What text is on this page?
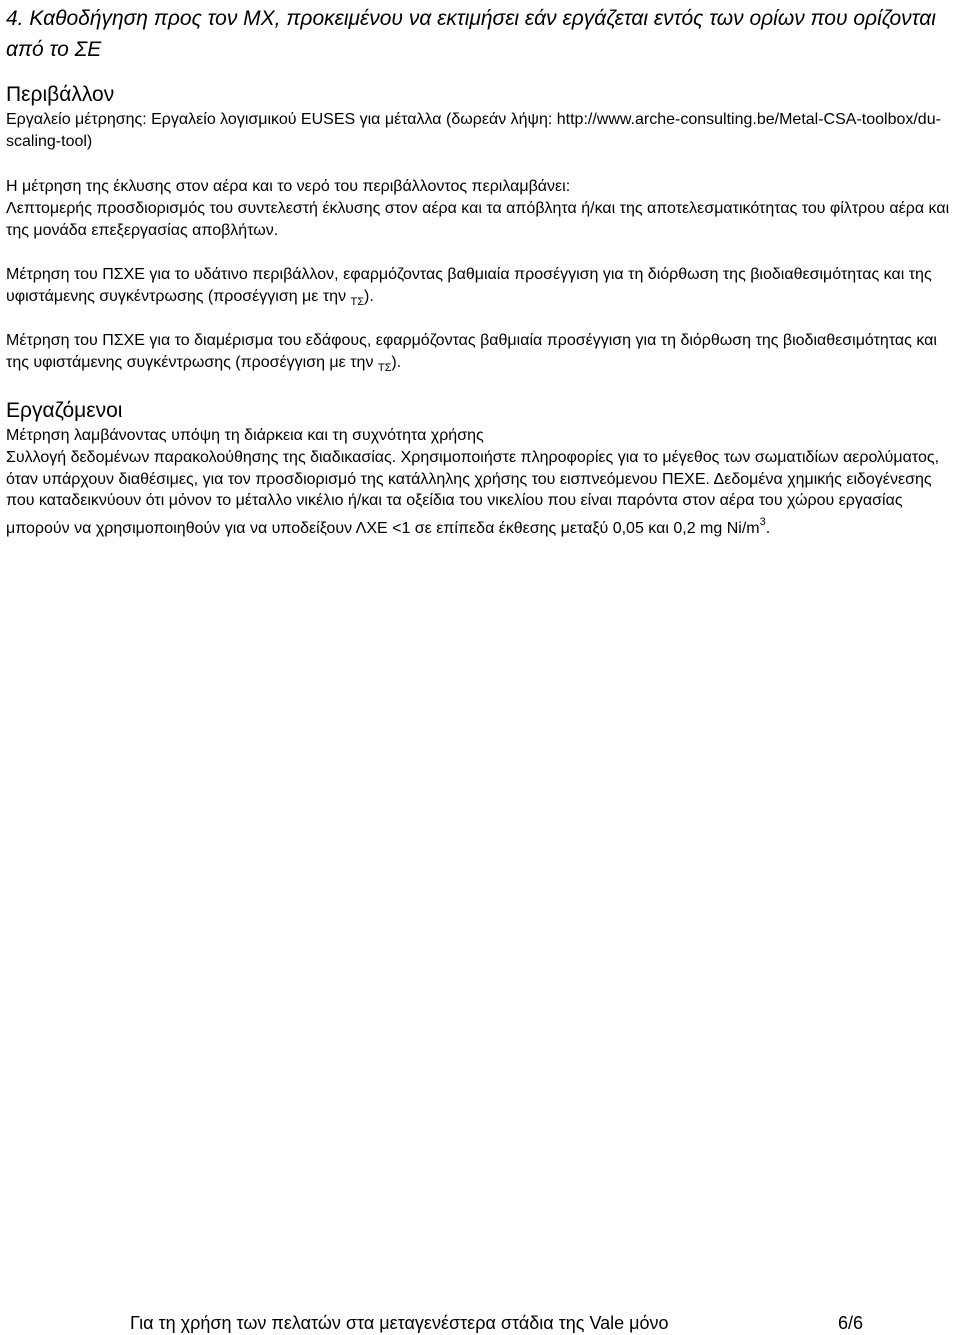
4. Καθοδήγηση προς τον ΜΧ, προκειμένου να εκτιμήσει εάν εργάζεται εντός των ορίων που ορίζονται από το ΣΕ
Περιβάλλον
Εργαλείο μέτρησης: Εργαλείο λογισμικού EUSES για μέταλλα (δωρεάν λήψη: http://www.arche-consulting.be/Metal-CSA-toolbox/du-scaling-tool)
Η μέτρηση της έκλυσης στον αέρα και το νερό του περιβάλλοντος περιλαμβάνει:
Λεπτομερής προσδιορισμός του συντελεστή έκλυσης στον αέρα και τα απόβλητα ή/και της αποτελεσματικότητας του φίλτρου αέρα και της μονάδα επεξεργασίας αποβλήτων.
Μέτρηση του ΠΣΧΕ για το υδάτινο περιβάλλον, εφαρμόζοντας βαθμιαία προσέγγιση για τη διόρθωση της βιοδιαθεσιμότητας και της υφιστάμενης συγκέντρωσης (προσέγγιση με την $_{T\Sigma}$).
Μέτρηση του ΠΣΧΕ για το διαμέρισμα του εδάφους, εφαρμόζοντας βαθμιαία προσέγγιση για τη διόρθωση της βιοδιαθεσιμότητας και της υφιστάμενης συγκέντρωσης (προσέγγιση με την $_{T\Sigma}$).
Εργαζόμενοι
Μέτρηση λαμβάνοντας υπόψη τη διάρκεια και τη συχνότητα χρήσης
Συλλογή δεδομένων παρακολούθησης της διαδικασίας. Χρησιμοποιήστε πληροφορίες για το μέγεθος των σωματιδίων αερολύματος, όταν υπάρχουν διαθέσιμες, για τον προσδιορισμό της κατάλληλης χρήσης του εισπνεόμενου ΠΕΧΕ. Δεδομένα χημικής ειδογένεσης που καταδεικνύουν ότι μόνον το μέταλλο νικέλιο ή/και τα οξείδια του νικελίου που είναι παρόντα στον αέρα του χώρου εργασίας μπορούν να χρησιμοποιηθούν για να υποδείξουν ΛΧΕ <1 σε επίπεδα έκθεσης μεταξύ 0,05 και 0,2 mg $Ni/m^3$.
Για τη χρήση των πελατών στα μεταγενέστερα στάδια της Vale μόνο	6/6
